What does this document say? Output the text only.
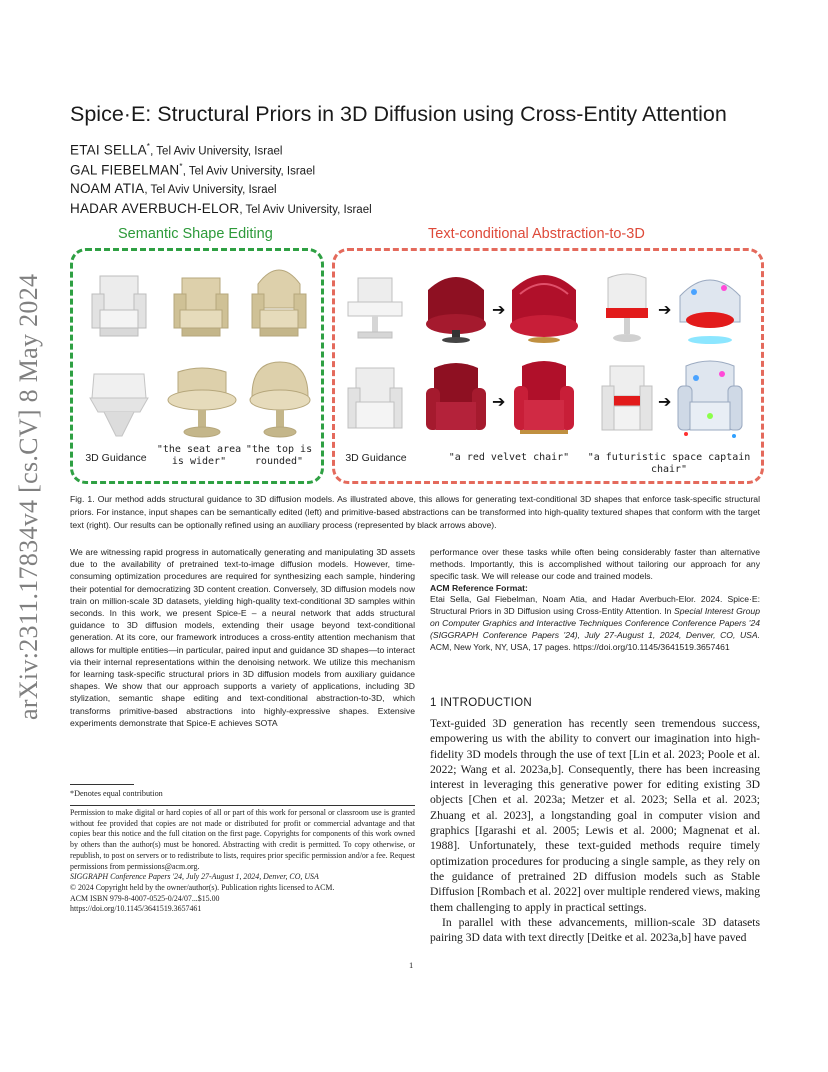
arXiv:2311.17834v4 [cs.CV] 8 May 2024
Spice·E: Structural Priors in 3D Diffusion using Cross-Entity Attention
ETAI SELLA*, Tel Aviv University, Israel
GAL FIEBELMAN*, Tel Aviv University, Israel
NOAM ATIA, Tel Aviv University, Israel
HADAR AVERBUCH-ELOR, Tel Aviv University, Israel
Semantic Shape Editing	Text-conditional Abstraction-to-3D
3D Guidance
"the seat area is wider"
"the top is rounded"
➔	➔
➔	➔
3D Guidance	"a red velvet chair"	"a futuristic space captain chair"
Fig. 1. Our method adds structural guidance to 3D diffusion models. As illustrated above, this allows for generating text-conditional 3D shapes that enforce task-specific structural priors. For instance, input shapes can be semantically edited (left) and primitive-based abstractions can be transformed into high-quality textured shapes that conform with the target text (right). Our results can be optionally refined using an auxiliary process (represented by black arrows above).
We are witnessing rapid progress in automatically generating and manipulating 3D assets due to the availability of pretrained text-to-image diffusion models. However, time-consuming optimization procedures are required for synthesizing each sample, hindering their potential for democratizing 3D content creation. Conversely, 3D diffusion models now train on million-scale 3D datasets, yielding high-quality text-conditional 3D samples within seconds. In this work, we present Spice-E – a neural network that adds structural guidance to 3D diffusion models, extending their usage beyond text-conditional generation. At its core, our framework introduces a cross-entity attention mechanism that allows for multiple entities—in particular, paired input and guidance 3D shapes—to interact via their internal representations within the denoising network. We utilize this mechanism for learning task-specific structural priors in 3D diffusion models from auxiliary guidance shapes. We show that our approach supports a variety of applications, including 3D stylization, semantic shape editing and text-conditional abstraction-to-3D, which transforms primitive-based abstractions into highly-expressive shapes. Extensive experiments demonstrate that Spice-E achieves SOTA
*Denotes equal contribution
Permission to make digital or hard copies of all or part of this work for personal or classroom use is granted without fee provided that copies are not made or distributed for profit or commercial advantage and that copies bear this notice and the full citation on the first page. Copyrights for components of this work owned by others than the author(s) must be honored. Abstracting with credit is permitted. To copy otherwise, or republish, to post on servers or to redistribute to lists, requires prior specific permission and/or a fee. Request permissions from permissions@acm.org.
SIGGRAPH Conference Papers '24, July 27-August 1, 2024, Denver, CO, USA
© 2024 Copyright held by the owner/author(s). Publication rights licensed to ACM.
ACM ISBN 979-8-4007-0525-0/24/07...$15.00
https://doi.org/10.1145/3641519.3657461

performance over these tasks while often being considerably faster than alternative methods. Importantly, this is accomplished without tailoring our approach for any specific task. We will release our code and trained models.

ACM Reference Format:

Etai Sella, Gal Fiebelman, Noam Atia, and Hadar Averbuch-Elor. 2024. Spice·E: Structural Priors in 3D Diffusion using Cross-Entity Attention. In Special Interest Group on Computer Graphics and Interactive Techniques Conference Conference Papers '24 (SIGGRAPH Conference Papers '24), July 27-August 1, 2024, Denver, CO, USA. ACM, New York, NY, USA, 17 pages. https://doi.org/10.1145/3641519.3657461

1 INTRODUCTION

Text-guided 3D generation has recently seen tremendous success, empowering us with the ability to convert our imagination into high-fidelity 3D models through the use of text [Lin et al. 2023; Poole et al. 2022; Wang et al. 2023a,b]. Consequently, there has been increasing interest in leveraging this generative power for editing existing 3D objects [Chen et al. 2023a; Metzer et al. 2023; Sella et al. 2023; Zhuang et al. 2023], a longstanding goal in computer vision and graphics [Igarashi et al. 2005; Lewis et al. 2000; Magnenat et al. 1988]. Unfortunately, these text-guided methods require timely optimization procedures for producing a single sample, as they rely on the guidance of pretrained 2D diffusion models such as Stable Diffusion [Rombach et al. 2022] over multiple rendered views, making them challenging to apply in practical settings.

In parallel with these advancements, million-scale 3D datasets pairing 3D data with text directly [Deitke et al. 2023a,b] have paved

1
